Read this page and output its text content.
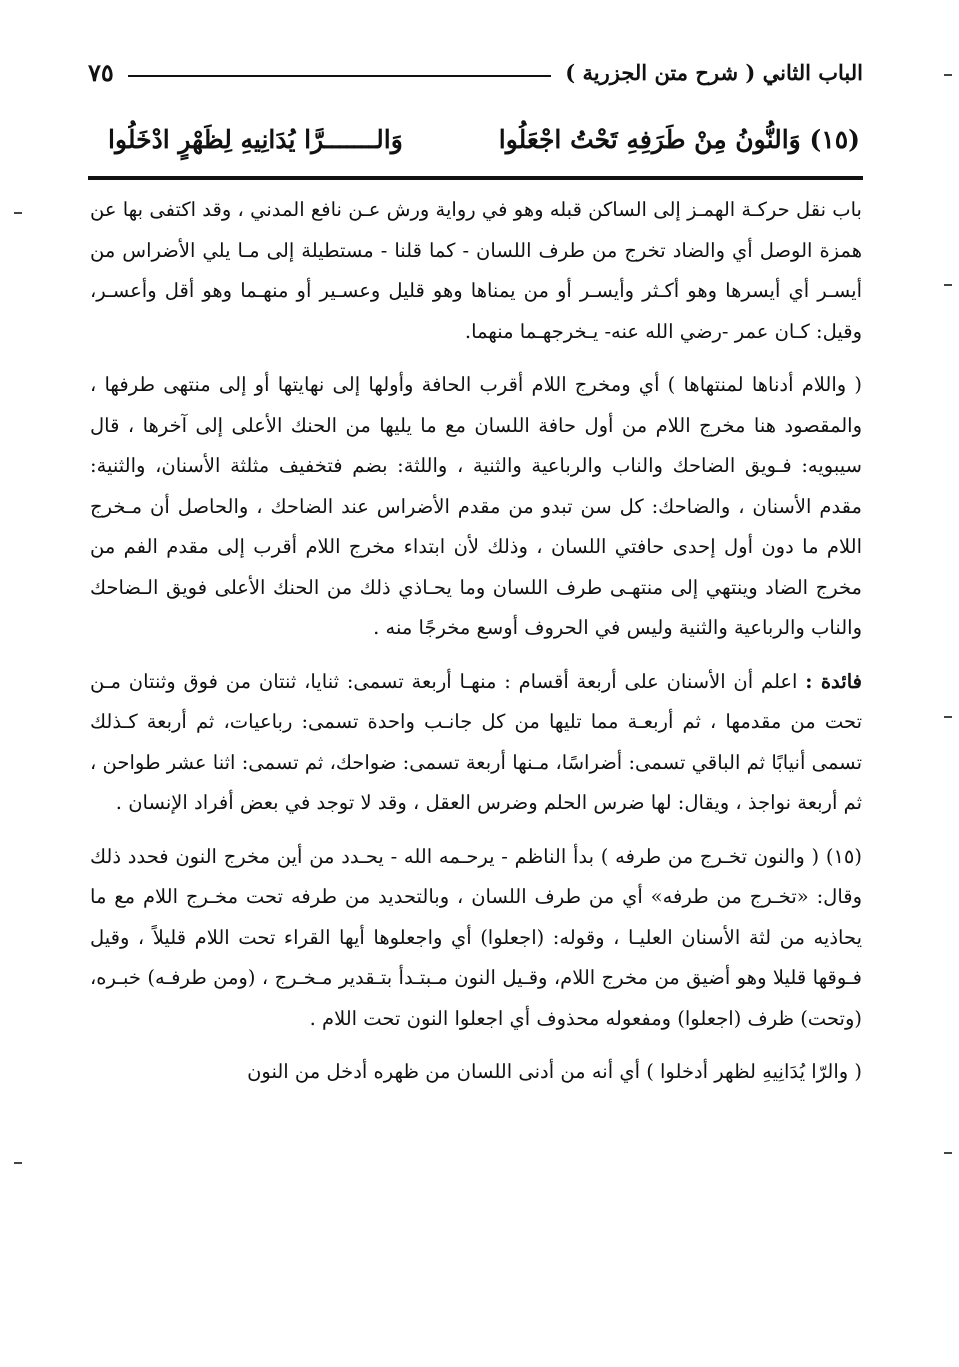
الباب الثاني ( شرح متن الجزرية )
٧٥
(١٥) وَالنُّونُ مِنْ طَرَفِهِ تَحْتُ اجْعَلُوا
وَالـــــــرَّا يُدَانِيهِ لِظَهْرٍ ادْخَلُوا

باب نقل حركـة الهمـز إلى الساكن قبله وهو في رواية ورش عـن نافع المدني ، وقد اكتفى بها عن همزة الوصل أي والضاد تخرج من طرف اللسان - كما قلنا - مستطيلة إلى مـا يلي الأضراس من أيسـر أي أيسرها وهو أكـثر وأيسـر أو من يمناها وهو قليل وعسـير أو منهـما وهو أقل وأعسـر، وقيل: كـان عمر -رضي الله عنه- يـخرجهـما منهما.

( واللام أدناها لمنتهاها ) أي ومخرج اللام أقرب الحافة وأولها إلى نهايتها أو إلى منتهى طرفها ، والمقصود هنا مخرج اللام من أول حافة اللسان مع ما يليها من الحنك الأعلى إلى آخرها ، قال سيبويه: فـويق الضاحك والناب والرباعية والثنية ، واللثة: بضم فتخفيف مثلثة الأسنان، والثنية: مقدم الأسنان ، والضاحك: كل سن تبدو من مقدم الأضراس عند الضاحك ، والحاصل أن مـخرج اللام ما دون أول إحدى حافتي اللسان ، وذلك لأن ابتداء مخرج اللام أقرب إلى مقدم الفم من مخرج الضاد وينتهي إلى منتهـى طرف اللسان وما يحـاذي ذلك من الحنك الأعلى فويق الـضاحك والناب والرباعية والثنية وليس في الحروف أوسع مخرجًا منه .

فائدة : اعلم أن الأسنان على أربعة أقسام : منهـا أربعة تسمى: ثنايا، ثنتان من فوق وثنتان مـن تحت من مقدمها ، ثم أربعـة مما تليها من كل جانـب واحدة تسمى: رباعيات، ثم أربعة كـذلك تسمى أنيابًا ثم الباقي تسمى: أضراسًا، مـنها أربعة تسمى: ضواحك، ثم تسمى: اثنا عشر طواحن ، ثم أربعة نواجذ ، ويقال: لها ضرس الحلم وضرس العقل ، وقد لا توجد في بعض أفراد الإنسان .

(١٥) ( والنون تخـرج من طرفه ) بدأ الناظم - يرحـمه الله - يحـدد من أين مخرج النون فحدد ذلك وقال: «تخـرج من طرفه» أي من طرف اللسان ، وبالتحديد من طرفه تحت مخـرج اللام مع ما يحاذيه من لثة الأسنان العليـا ، وقوله: (اجعلوا) أي واجعلوها أيها القراء تحت اللام قليلاً ، وقيل فـوقها قليلا وهو أضيق من مخرج اللام، وقـيل النون مـبتـدأ بتـقدير مـخـرج ، (ومن طرفـه) خبـره، (وتحت) ظرف (اجعلوا) ومفعوله محذوف أي اجعلوا النون تحت اللام .

( والرّا يُدَانِيهِ لظهر أدخلوا ) أي أنه من أدنى اللسان من ظهره أدخل من النون
